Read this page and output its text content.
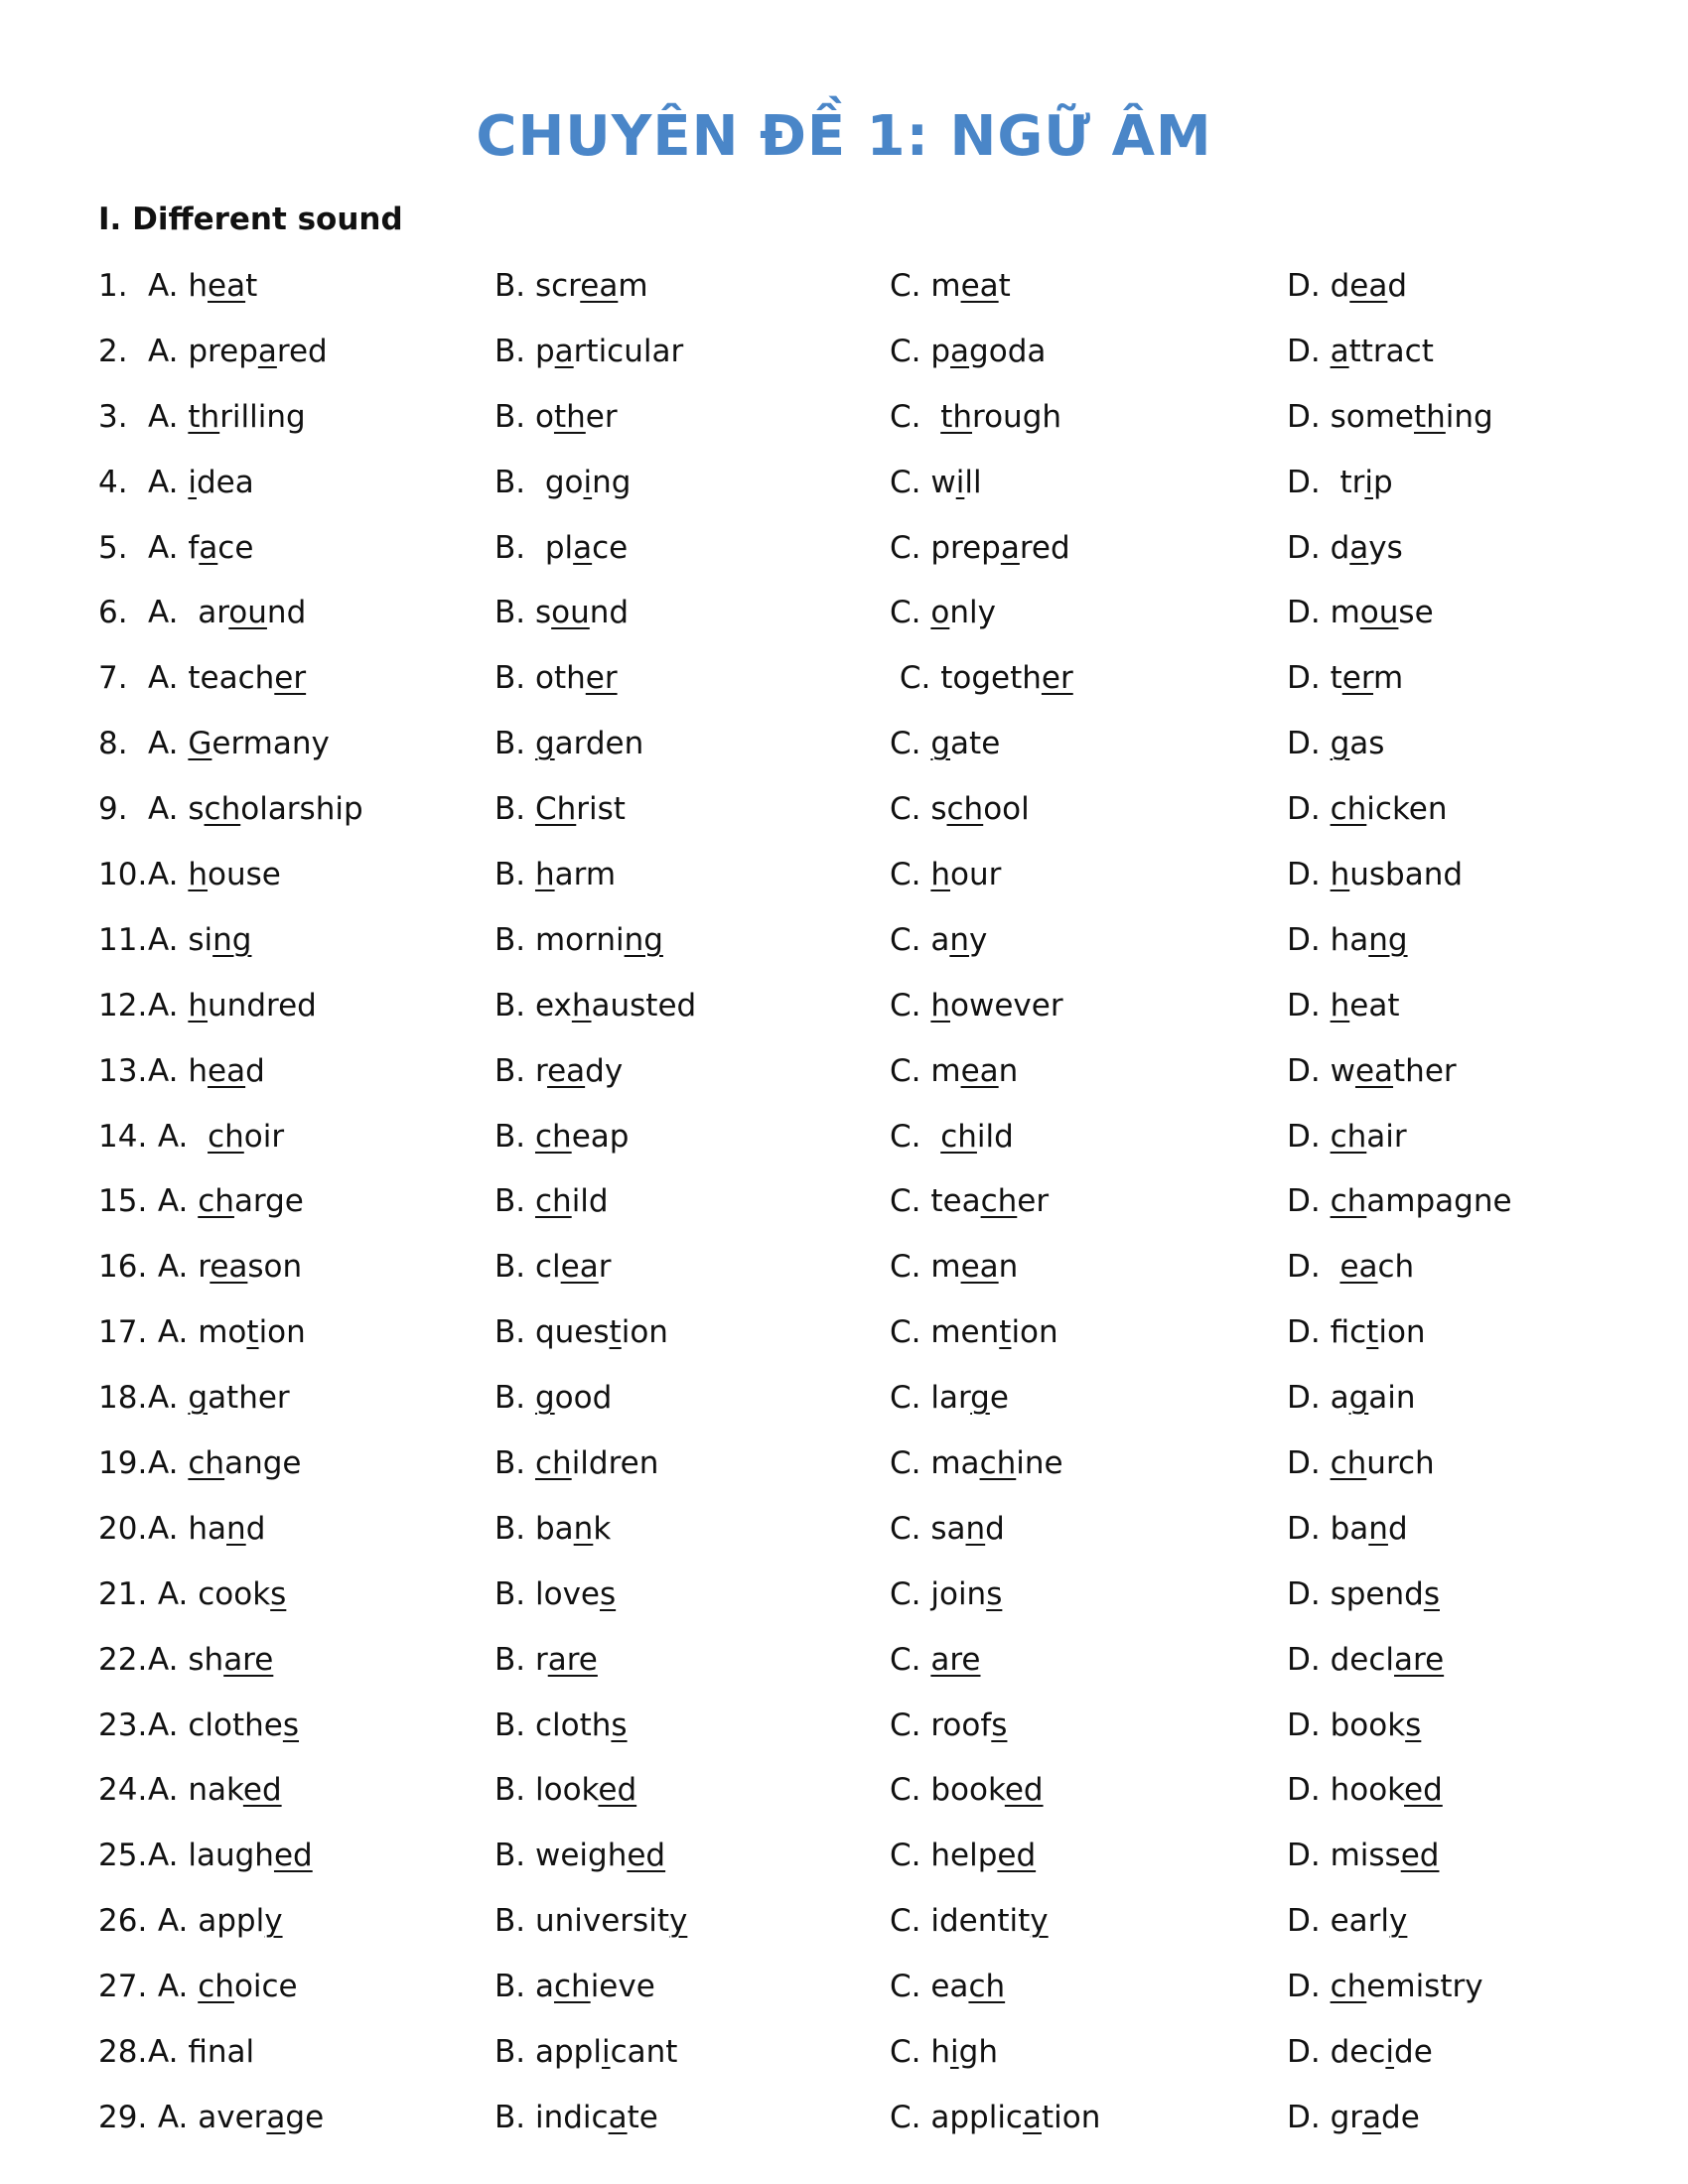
CHUYÊN ĐỀ 1: NGỮ ÂM
I. Different sound
1. A. heat	B. scream	C. meat	D. dead
2. A. prepared	B. particular	C. pagoda	D. attract
3. A. thrilling	B. other	C.  through	D. something
4. A. idea	B.  going	C. will	D.  trip
5. A. face	B.  place	C. prepared	D. days
6. A.  around	B. sound	C. only	D. mouse
7. A. teacher	B. other	C. together	D. term
8. A. Germany	B. garden	C. gate	D. gas
9. A. scholarship	B. Christ	C. school	D. chicken
10. A. house	B. harm	C. hour	D. husband
11. A. sing	B. morning	C. any	D. hang
12. A. hundred	B. exhausted	C. however	D. heat
13. A. head	B. ready	C. mean	D. weather
14. A.  choir	B. cheap	C.  child	D. chair
15. A. charge	B. child	C. teacher	D. champagne
16. A. reason	B. clear	C. mean	D.  each
17. A. motion	B. question	C. mention	D. fiction
18. A. gather	B. good	C. large	D. again
19. A. change	B. children	C. machine	D. church
20. A. hand	B. bank	C. sand	D. band
21. A. cooks	B. loves	C. joins	D. spends
22. A. share	B. rare	C. are	D. declare
23. A. clothes	B. cloths	C. roofs	D. books
24. A. naked	B. looked	C. booked	D. hooked
25. A. laughed	B. weighed	C. helped	D. missed
26. A. apply	B. university	C. identity	D. early
27. A. choice	B. achieve	C. each	D. chemistry
28. A. fnal	B. applicant	C. high	D. decide
29. A. average	B. indicate	C. application	D. grade
